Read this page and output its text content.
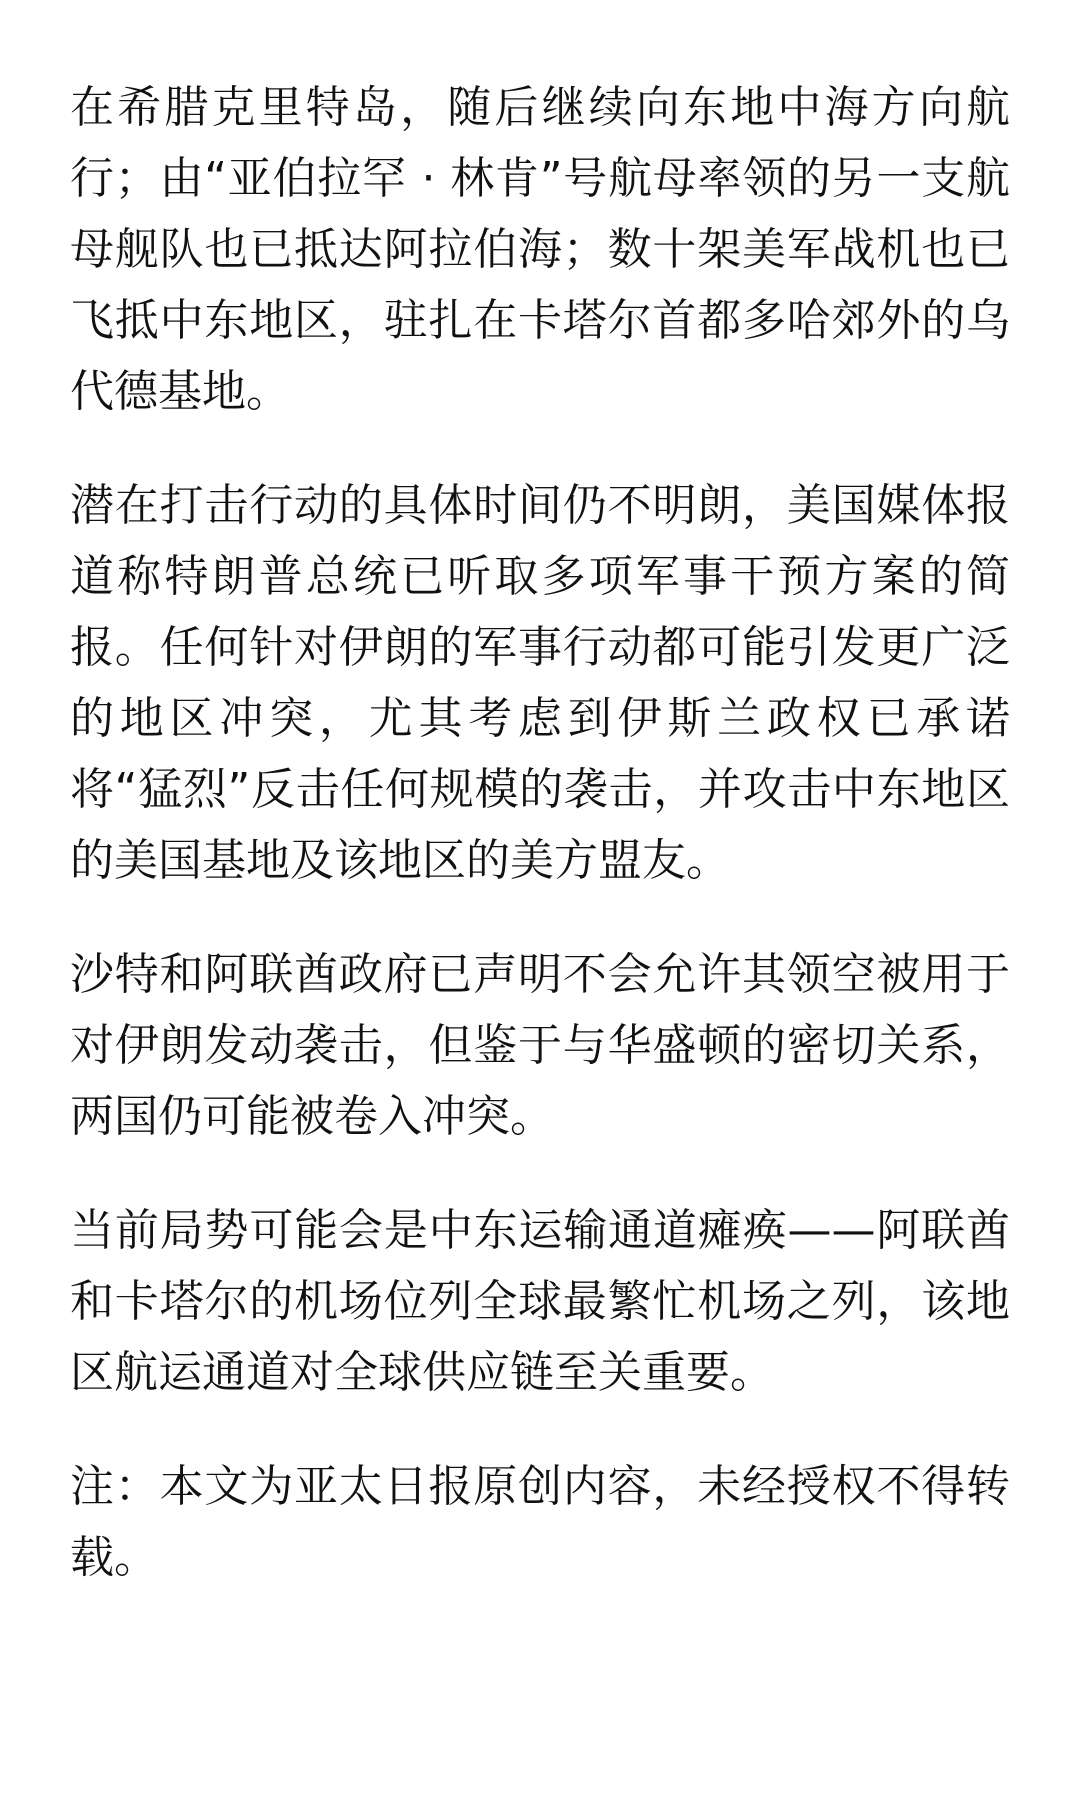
在希腊克里特岛，随后继续向东地中海方向航行；由“亚伯拉罕 · 林肯”号航母率领的另一支航母舰队也已抵达阿拉伯海；数十架美军战机也已飞抵中东地区，驻扎在卡塔尔首都多哈郊外的乌代德基地。

潜在打击行动的具体时间仍不明朗，美国媒体报道称特朗普总统已听取多项军事干预方案的简报。任何针对伊朗的军事行动都可能引发更广泛的地区冲突，尤其考虑到伊斯兰政权已承诺将“猛烈”反击任何规模的袭击，并攻击中东地区的美国基地及该地区的美方盟友。

沙特和阿联酋政府已声明不会允许其领空被用于对伊朗发动袭击，但鉴于与华盛顿的密切关系，两国仍可能被卷入冲突。

当前局势可能会是中东运输通道瘫痪——阿联酋和卡塔尔的机场位列全球最繁忙机场之列，该地区航运通道对全球供应链至关重要。

注：本文为亚太日报原创内容，未经授权不得转载。
